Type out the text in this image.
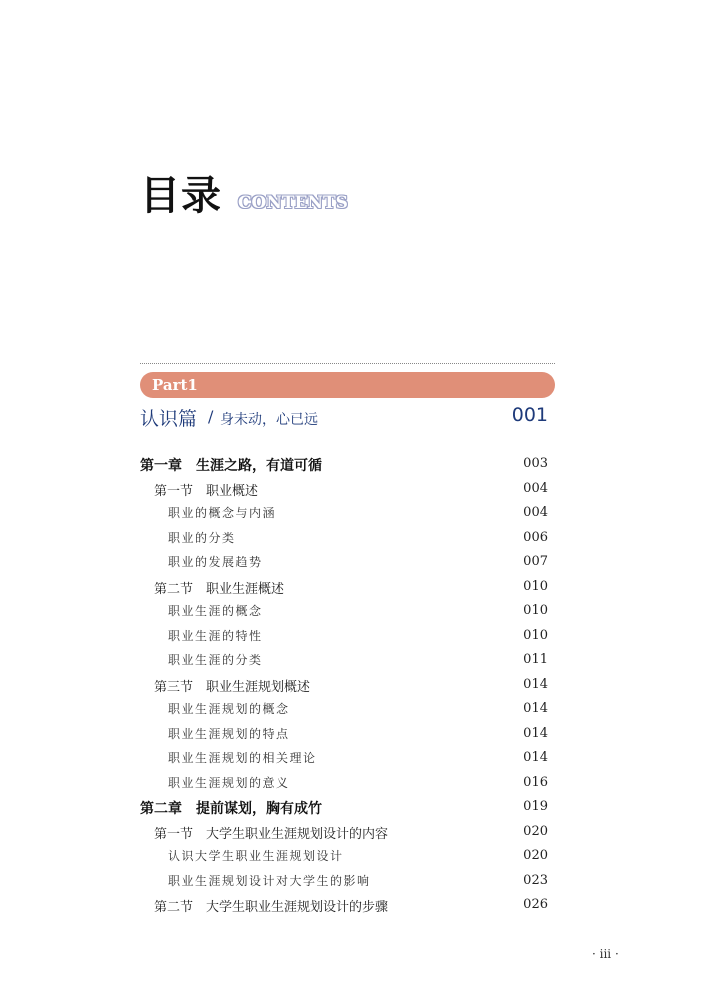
目录 CONTENTS
Part1
认识篇 / 身未动，心已远	001
第一章　生涯之路，有道可循	003
第一节　职业概述	004
职业的概念与内涵	004
职业的分类	006
职业的发展趋势	007
第二节　职业生涯概述	010
职业生涯的概念	010
职业生涯的特性	010
职业生涯的分类	011
第三节　职业生涯规划概述	014
职业生涯规划的概念	014
职业生涯规划的特点	014
职业生涯规划的相关理论	014
职业生涯规划的意义	016
第二章　提前谋划，胸有成竹	019
第一节　大学生职业生涯规划设计的内容	020
认识大学生职业生涯规划设计	020
职业生涯规划设计对大学生的影响	023
第二节　大学生职业生涯规划设计的步骤	026
· iii ·
